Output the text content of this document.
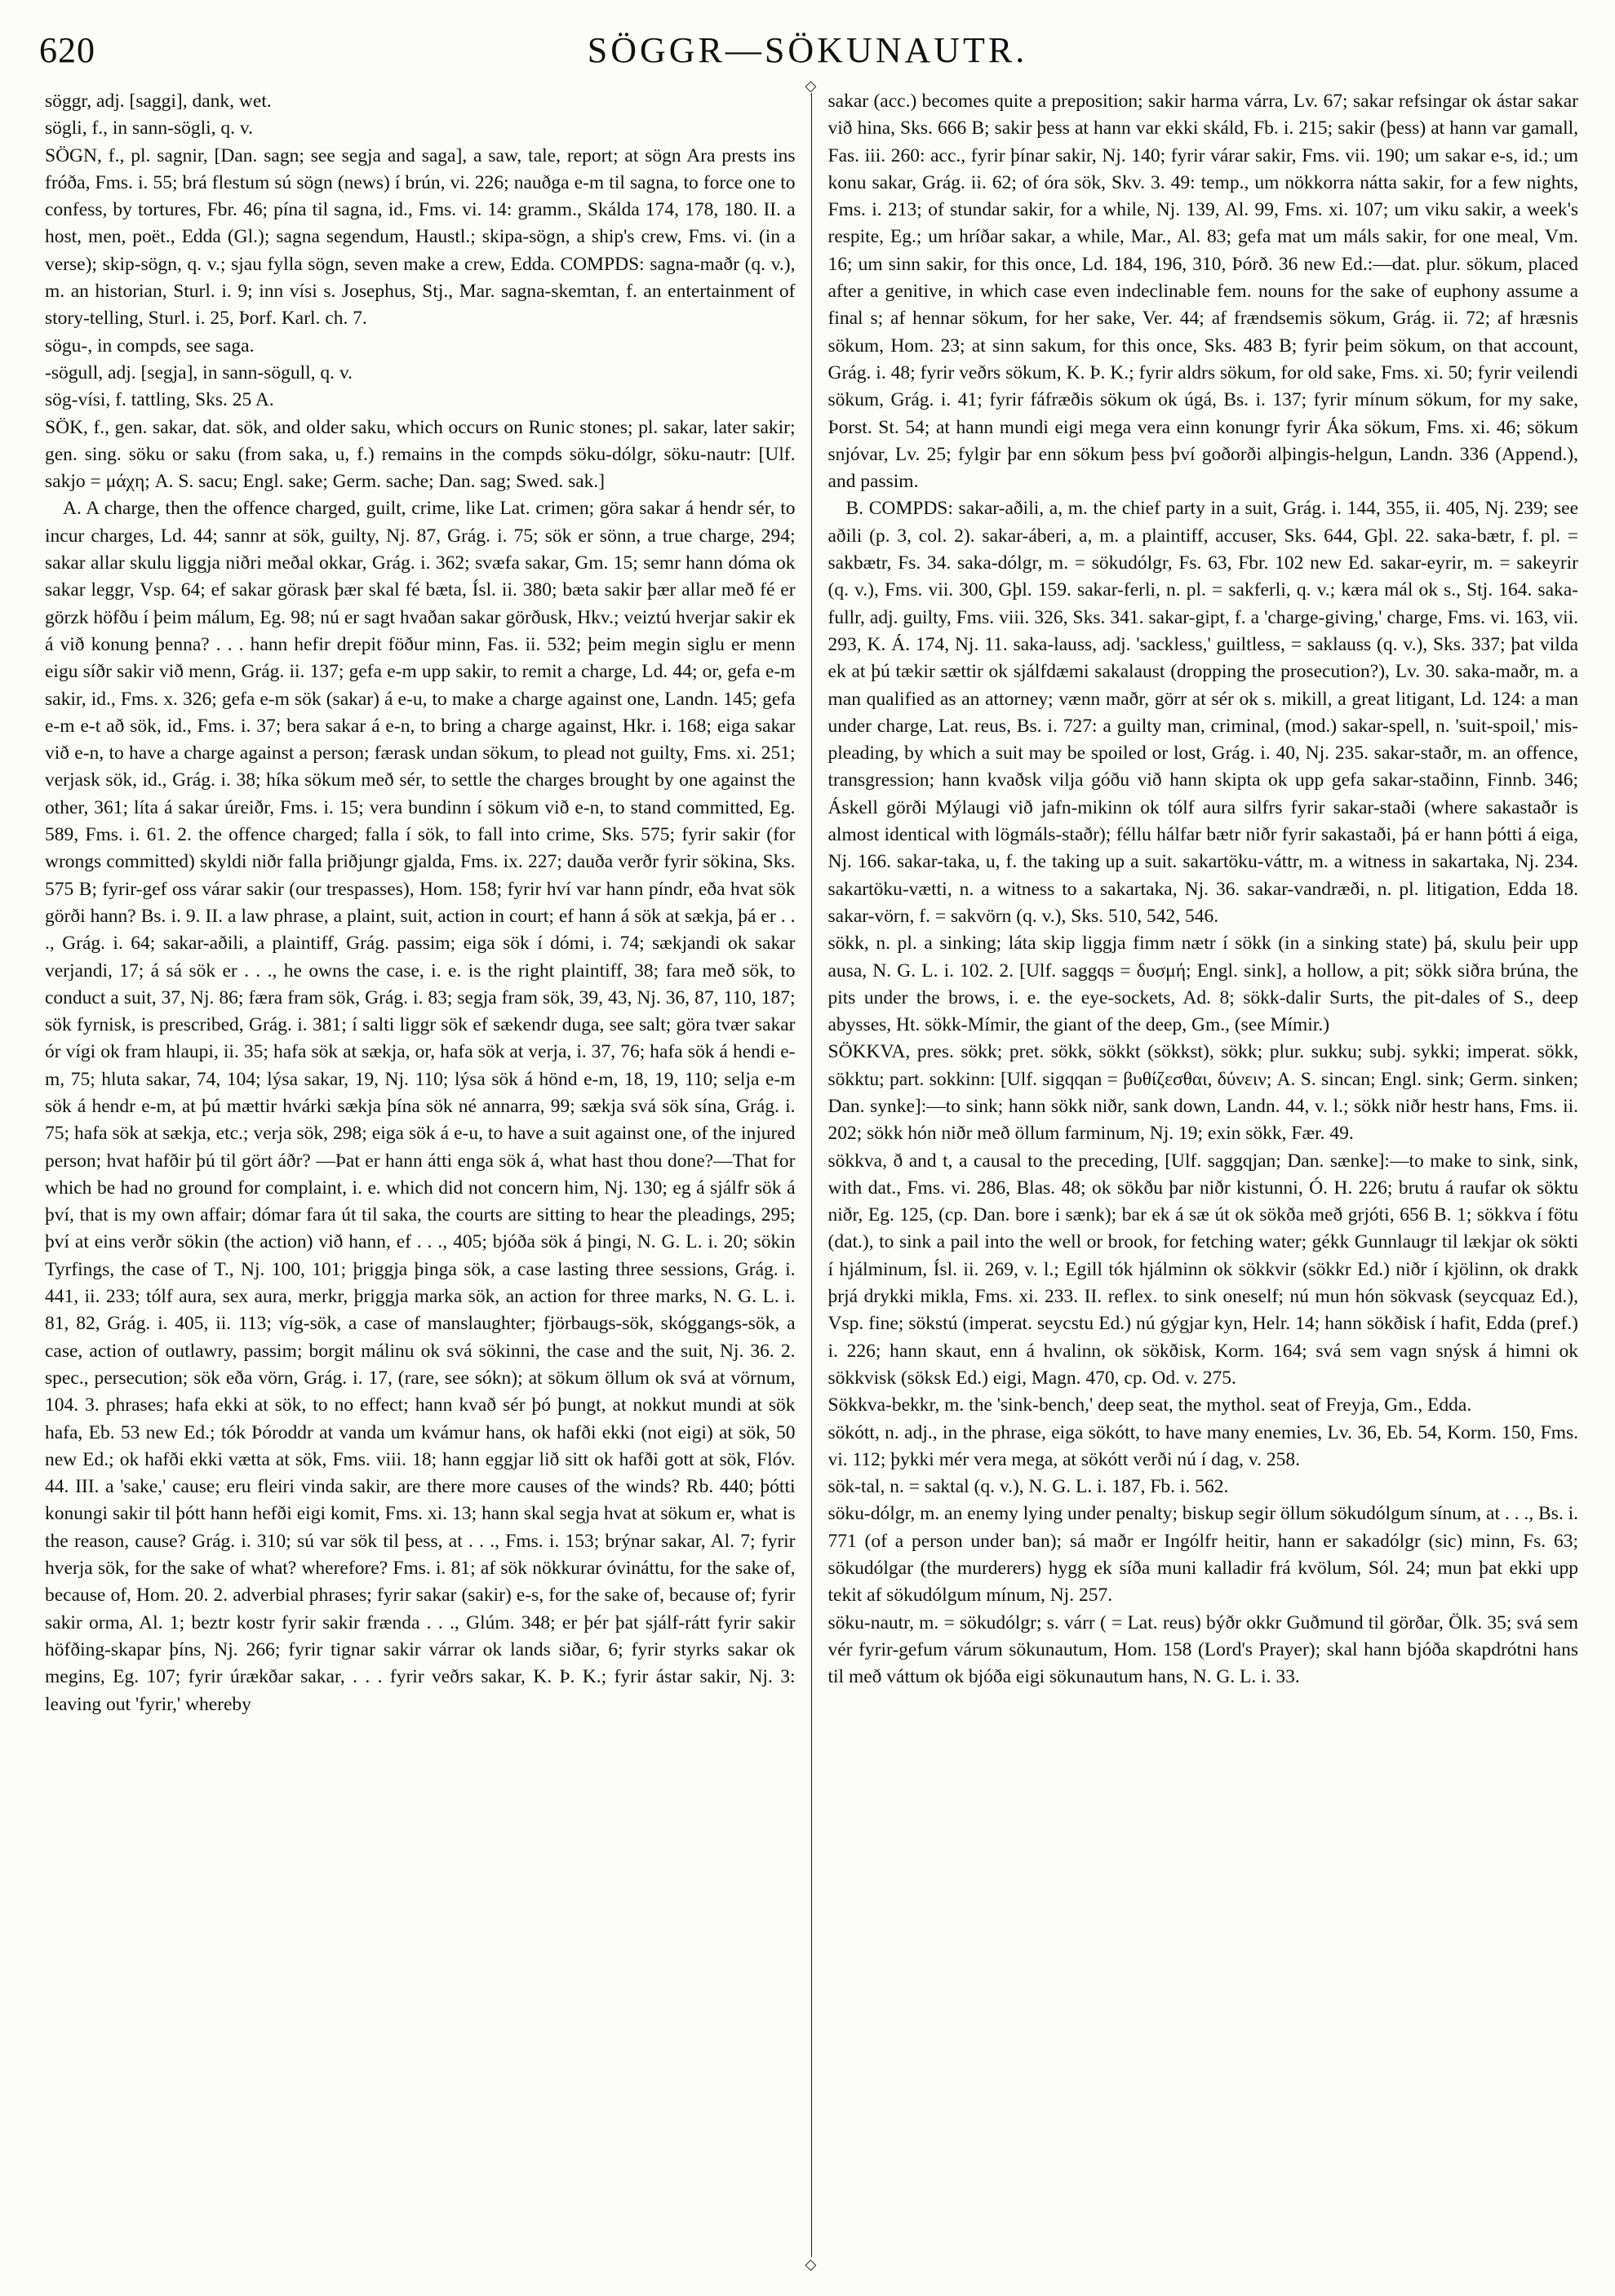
620	SÖGGR—SÖKUNAUTR.

söggr, adj. [saggi], dank, wet.

sögli, f., in sann-sögli, q. v.

SÖGN, f., pl. sagnir, [Dan. sagn; see segja and saga], a saw, tale, report; at sögn Ara prests ins fróða, Fms. i. 55; brá flestum sú sögn (news) í brún, vi. 226; nauðga e-m til sagna, to force one to confess, by tortures, Fbr. 46; pína til sagna, id., Fms. vi. 14: gramm., Skálda 174, 178, 180. II. a host, men, poët., Edda (Gl.); sagna segendum, Haustl.; skipa-sögn, a ship's crew, Fms. vi. (in a verse); skip-sögn, q. v.; sjau fylla sögn, seven make a crew, Edda. COMPDS: sagna-maðr (q. v.), m. an historian, Sturl. i. 9; inn vísi s. Josephus, Stj., Mar. sagna-skemtan, f. an entertainment of story-telling, Sturl. i. 25, Þorf. Karl. ch. 7.

sögu-, in compds, see saga.

-sögull, adj. [segja], in sann-sögull, q. v.

sög-vísi, f. tattling, Sks. 25 A.

SÖK, f., gen. sakar, dat. sök, and older saku, which occurs on Runic stones; pl. sakar, later sakir; gen. sing. söku or saku (from saka, u, f.) remains in the compds söku-dólgr, söku-nautr: [Ulf. sakjo = μάχη; A. S. sacu; Engl. sake; Germ. sache; Dan. sag; Swed. sak.]

A. A charge, then the offence charged, guilt, crime, like Lat. crimen; göra sakar á hendr sér, to incur charges, Ld. 44; sannr at sök, guilty, Nj. 87, Grág. i. 75; sök er sönn, a true charge, 294; sakar allar skulu liggja niðri meðal okkar, Grág. i. 362; svæfa sakar, Gm. 15; semr hann dóma ok sakar leggr, Vsp. 64; ef sakar görask þær skal fé bæta, Ísl. ii. 380; bæta sakir þær allar með fé er görzk höfðu í þeim málum, Eg. 98; nú er sagt hvaðan sakar görðusk, Hkv.; veiztú hverjar sakir ek á við konung þenna? . . . hann hefir drepit föður minn, Fas. ii. 532; þeim megin siglu er menn eigu síðr sakir við menn, Grág. ii. 137; gefa e-m upp sakir, to remit a charge, Ld. 44; or, gefa e-m sakir, id., Fms. x. 326; gefa e-m sök (sakar) á e-u, to make a charge against one, Landn. 145; gefa e-m e-t að sök, id., Fms. i. 37; bera sakar á e-n, to bring a charge against, Hkr. i. 168; eiga sakar við e-n, to have a charge against a person; færask undan sökum, to plead not guilty, Fms. xi. 251; verjask sök, id., Grág. i. 38; híka sökum með sér, to settle the charges brought by one against the other, 361; líta á sakar úreiðr, Fms. i. 15; vera bundinn í sökum við e-n, to stand committed, Eg. 589, Fms. i. 61. 2. the offence charged; falla í sök, to fall into crime, Sks. 575; fyrir sakir (for wrongs committed) skyldi niðr falla þriðjungr gjalda, Fms. ix. 227; dauða verðr fyrir sökina, Sks. 575 B; fyrir-gef oss várar sakir (our trespasses), Hom. 158; fyrir hví var hann píndr, eða hvat sök görði hann? Bs. i. 9. II. a law phrase, a plaint, suit, action in court; ef hann á sök at sækja, þá er . . ., Grág. i. 64; sakar-aðili, a plaintiff, Grág. passim; eiga sök í dómi, i. 74; sækjandi ok sakar verjandi, 17; á sá sök er . . ., he owns the case, i. e. is the right plaintiff, 38; fara með sök, to conduct a suit, 37, Nj. 86; færa fram sök, Grág. i. 83; segja fram sök, 39, 43, Nj. 36, 87, 110, 187; sök fyrnisk, is prescribed, Grág. i. 381; í salti liggr sök ef sækendr duga, see salt; göra tvær sakar ór vígi ok fram hlaupi, ii. 35; hafa sök at sækja, or, hafa sök at verja, i. 37, 76; hafa sök á hendi e-m, 75; hluta sakar, 74, 104; lýsa sakar, 19, Nj. 110; lýsa sök á hönd e-m, 18, 19, 110; selja e-m sök á hendr e-m, at þú mættir hvárki sækja þína sök né annarra, 99; sækja svá sök sína, Grág. i. 75; hafa sök at sækja, etc.; verja sök, 298; eiga sök á e-u, to have a suit against one, of the injured person; hvat hafðir þú til gört áðr? —Þat er hann átti enga sök á, what hast thou done?—That for which be had no ground for complaint, i. e. which did not concern him, Nj. 130; eg á sjálfr sök á því, that is my own affair; dómar fara út til saka, the courts are sitting to hear the pleadings, 295; því at eins verðr sökin (the action) við hann, ef . . ., 405; bjóða sök á þingi, N. G. L. i. 20; sökin Tyrfings, the case of T., Nj. 100, 101; þriggja þinga sök, a case lasting three sessions, Grág. i. 441, ii. 233; tólf aura, sex aura, merkr, þriggja marka sök, an action for three marks, N. G. L. i. 81, 82, Grág. i. 405, ii. 113; víg-sök, a case of manslaughter; fjörbaugs-sök, skóggangs-sök, a case, action of outlawry, passim; borgit málinu ok svá sökinni, the case and the suit, Nj. 36. 2. spec., persecution; sök eða vörn, Grág. i. 17, (rare, see sókn); at sökum öllum ok svá at vörnum, 104. 3. phrases; hafa ekki at sök, to no effect; hann kvað sér þó þungt, at nokkut mundi at sök hafa, Eb. 53 new Ed.; tók Þóroddr at vanda um kvámur hans, ok hafði ekki (not eigi) at sök, 50 new Ed.; ok hafði ekki vætta at sök, Fms. viii. 18; hann eggjar lið sitt ok hafði gott at sök, Flóv. 44. III. a 'sake,' cause; eru fleiri vinda sakir, are there more causes of the winds? Rb. 440; þótti konungi sakir til þótt hann hefði eigi komit, Fms. xi. 13; hann skal segja hvat at sökum er, what is the reason, cause? Grág. i. 310; sú var sök til þess, at . . ., Fms. i. 153; brýnar sakar, Al. 7; fyrir hverja sök, for the sake of what? wherefore? Fms. i. 81; af sök nökkurar óvináttu, for the sake of, because of, Hom. 20. 2. adverbial phrases; fyrir sakar (sakir) e-s, for the sake of, because of; fyrir sakir orma, Al. 1; beztr kostr fyrir sakir frænda . . ., Glúm. 348; er þér þat sjálf-rátt fyrir sakir höfðing-skapar þíns, Nj. 266; fyrir tignar sakir várrar ok lands siðar, 6; fyrir styrks sakar ok megins, Eg. 107; fyrir úrækðar sakar, . . . fyrir veðrs sakar, K. Þ. K.; fyrir ástar sakir, Nj. 3: leaving out 'fyrir,' whereby

◇
◇

sakar (acc.) becomes quite a preposition; sakir harma várra, Lv. 67; sakar refsingar ok ástar sakar við hina, Sks. 666 B; sakir þess at hann var ekki skáld, Fb. i. 215; sakir (þess) at hann var gamall, Fas. iii. 260: acc., fyrir þínar sakir, Nj. 140; fyrir várar sakir, Fms. vii. 190; um sakar e-s, id.; um konu sakar, Grág. ii. 62; of óra sök, Skv. 3. 49: temp., um nökkorra nátta sakir, for a few nights, Fms. i. 213; of stundar sakir, for a while, Nj. 139, Al. 99, Fms. xi. 107; um viku sakir, a week's respite, Eg.; um hríðar sakar, a while, Mar., Al. 83; gefa mat um máls sakir, for one meal, Vm. 16; um sinn sakir, for this once, Ld. 184, 196, 310, Þórð. 36 new Ed.:—dat. plur. sökum, placed after a genitive, in which case even indeclinable fem. nouns for the sake of euphony assume a final s; af hennar sökum, for her sake, Ver. 44; af frændsemis sökum, Grág. ii. 72; af hræsnis sökum, Hom. 23; at sinn sakum, for this once, Sks. 483 B; fyrir þeim sökum, on that account, Grág. i. 48; fyrir veðrs sökum, K. Þ. K.; fyrir aldrs sökum, for old sake, Fms. xi. 50; fyrir veilendi sökum, Grág. i. 41; fyrir fáfræðis sökum ok úgá, Bs. i. 137; fyrir mínum sökum, for my sake, Þorst. St. 54; at hann mundi eigi mega vera einn konungr fyrir Áka sökum, Fms. xi. 46; sökum snjóvar, Lv. 25; fylgir þar enn sökum þess því goðorði alþingis-helgun, Landn. 336 (Append.), and passim.

B. COMPDS: sakar-aðili, a, m. the chief party in a suit, Grág. i. 144, 355, ii. 405, Nj. 239; see aðili (p. 3, col. 2). sakar-áberi, a, m. a plaintiff, accuser, Sks. 644, Gþl. 22. saka-bætr, f. pl. = sakbætr, Fs. 34. saka-dólgr, m. = sökudólgr, Fs. 63, Fbr. 102 new Ed. sakar-eyrir, m. = sakeyrir (q. v.), Fms. vii. 300, Gþl. 159. sakar-ferli, n. pl. = sakferli, q. v.; kæra mál ok s., Stj. 164. saka-fullr, adj. guilty, Fms. viii. 326, Sks. 341. sakar-gipt, f. a 'charge-giving,' charge, Fms. vi. 163, vii. 293, K. Á. 174, Nj. 11. saka-lauss, adj. 'sackless,' guiltless, = saklauss (q. v.), Sks. 337; þat vilda ek at þú tækir sættir ok sjálfdæmi sakalaust (dropping the prosecution?), Lv. 30. saka-maðr, m. a man qualified as an attorney; vænn maðr, görr at sér ok s. mikill, a great litigant, Ld. 124: a man under charge, Lat. reus, Bs. i. 727: a guilty man, criminal, (mod.) sakar-spell, n. 'suit-spoil,' mis-pleading, by which a suit may be spoiled or lost, Grág. i. 40, Nj. 235. sakar-staðr, m. an offence, transgression; hann kvaðsk vilja góðu við hann skipta ok upp gefa sakar-staðinn, Finnb. 346; Áskell görði Mýlaugi við jafn-mikinn ok tólf aura silfrs fyrir sakar-staði (where sakastaðr is almost identical with lögmáls-staðr); féllu hálfar bætr niðr fyrir sakastaði, þá er hann þótti á eiga, Nj. 166. sakar-taka, u, f. the taking up a suit. sakartöku-váttr, m. a witness in sakartaka, Nj. 234. sakartöku-vætti, n. a witness to a sakartaka, Nj. 36. sakar-vandræði, n. pl. litigation, Edda 18. sakar-vörn, f. = sakvörn (q. v.), Sks. 510, 542, 546.

sökk, n. pl. a sinking; láta skip liggja fimm nætr í sökk (in a sinking state) þá, skulu þeir upp ausa, N. G. L. i. 102. 2. [Ulf. saggqs = δυσμή; Engl. sink], a hollow, a pit; sökk siðra brúna, the pits under the brows, i. e. the eye-sockets, Ad. 8; sökk-dalir Surts, the pit-dales of S., deep abysses, Ht. sökk-Mímir, the giant of the deep, Gm., (see Mímir.)

SÖKKVA, pres. sökk; pret. sökk, sökkt (sökkst), sökk; plur. sukku; subj. sykki; imperat. sökk, sökktu; part. sokkinn: [Ulf. sigqqan = βυθίζεσθαι, δύνειν; A. S. sincan; Engl. sink; Germ. sinken; Dan. synke]:—to sink; hann sökk niðr, sank down, Landn. 44, v. l.; sökk niðr hestr hans, Fms. ii. 202; sökk hón niðr með öllum farminum, Nj. 19; exin sökk, Fær. 49.

sökkva, ð and t, a causal to the preceding, [Ulf. saggqjan; Dan. sænke]:—to make to sink, sink, with dat., Fms. vi. 286, Blas. 48; ok sökðu þar niðr kistunni, Ó. H. 226; brutu á raufar ok söktu niðr, Eg. 125, (cp. Dan. bore i sænk); bar ek á sæ út ok sökða með grjóti, 656 B. 1; sökkva í fötu (dat.), to sink a pail into the well or brook, for fetching water; gékk Gunnlaugr til lækjar ok sökti í hjálminum, Ísl. ii. 269, v. l.; Egill tók hjálminn ok sökkvir (sökkr Ed.) niðr í kjölinn, ok drakk þrjá drykki mikla, Fms. xi. 233. II. reflex. to sink oneself; nú mun hón sökvask (seycquaz Ed.), Vsp. fine; sökstú (imperat. seycstu Ed.) nú gýgjar kyn, Helr. 14; hann sökðisk í hafit, Edda (pref.) i. 226; hann skaut, enn á hvalinn, ok sökðisk, Korm. 164; svá sem vagn snýsk á himni ok sökkvisk (söksk Ed.) eigi, Magn. 470, cp. Od. v. 275.

Sökkva-bekkr, m. the 'sink-bench,' deep seat, the mythol. seat of Freyja, Gm., Edda.

sökótt, n. adj., in the phrase, eiga sökótt, to have many enemies, Lv. 36, Eb. 54, Korm. 150, Fms. vi. 112; þykki mér vera mega, at sökótt verði nú í dag, v. 258.

sök-tal, n. = saktal (q. v.), N. G. L. i. 187, Fb. i. 562.

söku-dólgr, m. an enemy lying under penalty; biskup segir öllum sökudólgum sínum, at . . ., Bs. i. 771 (of a person under ban); sá maðr er Ingólfr heitir, hann er sakadólgr (sic) minn, Fs. 63; sökudólgar (the murderers) hygg ek síða muni kalladir frá kvölum, Sól. 24; mun þat ekki upp tekit af sökudólgum mínum, Nj. 257.

söku-nautr, m. = sökudólgr; s. várr ( = Lat. reus) býðr okkr Guðmund til görðar, Ölk. 35; svá sem vér fyrir-gefum várum sökunautum, Hom. 158 (Lord's Prayer); skal hann bjóða skapdrótni hans til með váttum ok bjóða eigi sökunautum hans, N. G. L. i. 33.
